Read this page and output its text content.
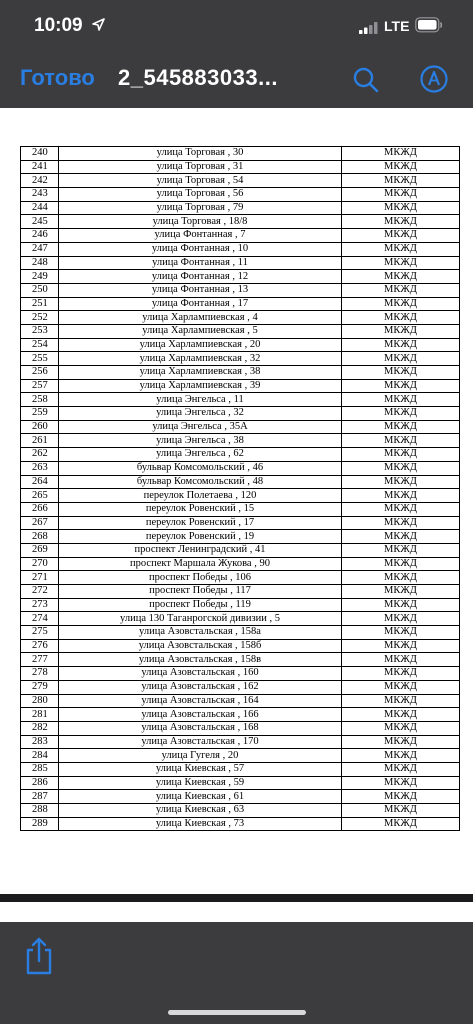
10:09	LTE
Готово 2_545883033...
240	улица Торговая , 30	МКЖД
241	улица Торговая , 31	МКЖД
242	улица Торговая , 54	МКЖД
243	улица Торговая , 56	МКЖД
244	улица Торговая , 79	МКЖД
245	улица Торговая , 18/8	МКЖД
246	улица Фонтанная , 7	МКЖД
247	улица Фонтанная , 10	МКЖД
248	улица Фонтанная , 11	МКЖД
249	улица Фонтанная , 12	МКЖД
250	улица Фонтанная , 13	МКЖД
251	улица Фонтанная , 17	МКЖД
252	улица Харлампиевская , 4	МКЖД
253	улица Харлампиевская , 5	МКЖД
254	улица Харлампиевская , 20	МКЖД
255	улица Харлампиевская , 32	МКЖД
256	улица Харлампиевская , 38	МКЖД
257	улица Харлампиевская , 39	МКЖД
258	улица Энгельса , 11	МКЖД
259	улица Энгельса , 32	МКЖД
260	улица Энгельса , 35А	МКЖД
261	улица Энгельса , 38	МКЖД
262	улица Энгельса , 62	МКЖД
263	бульвар Комсомольский , 46	МКЖД
264	бульвар Комсомольский , 48	МКЖД
265	переулок Полетаева , 120	МКЖД
266	переулок Ровенский , 15	МКЖД
267	переулок Ровенский , 17	МКЖД
268	переулок Ровенский , 19	МКЖД
269	проспект Ленинградский , 41	МКЖД
270	проспект Маршала Жукова , 90	МКЖД
271	проспект Победы , 106	МКЖД
272	проспект Победы , 117	МКЖД
273	проспект Победы , 119	МКЖД
274	улица 130 Таганрогской дивизии , 5	МКЖД
275	улица Азовстальская , 158а	МКЖД
276	улица Азовстальская , 158б	МКЖД
277	улица Азовстальская , 158в	МКЖД
278	улица Азовстальская , 160	МКЖД
279	улица Азовстальская , 162	МКЖД
280	улица Азовстальская , 164	МКЖД
281	улица Азовстальская , 166	МКЖД
282	улица Азовстальская , 168	МКЖД
283	улица Азовстальская , 170	МКЖД
284	улица Гугеля , 20	МКЖД
285	улица Киевская , 57	МКЖД
286	улица Киевская , 59	МКЖД
287	улица Киевская , 61	МКЖД
288	улица Киевская , 63	МКЖД
289	улица Киевская , 73	МКЖД
